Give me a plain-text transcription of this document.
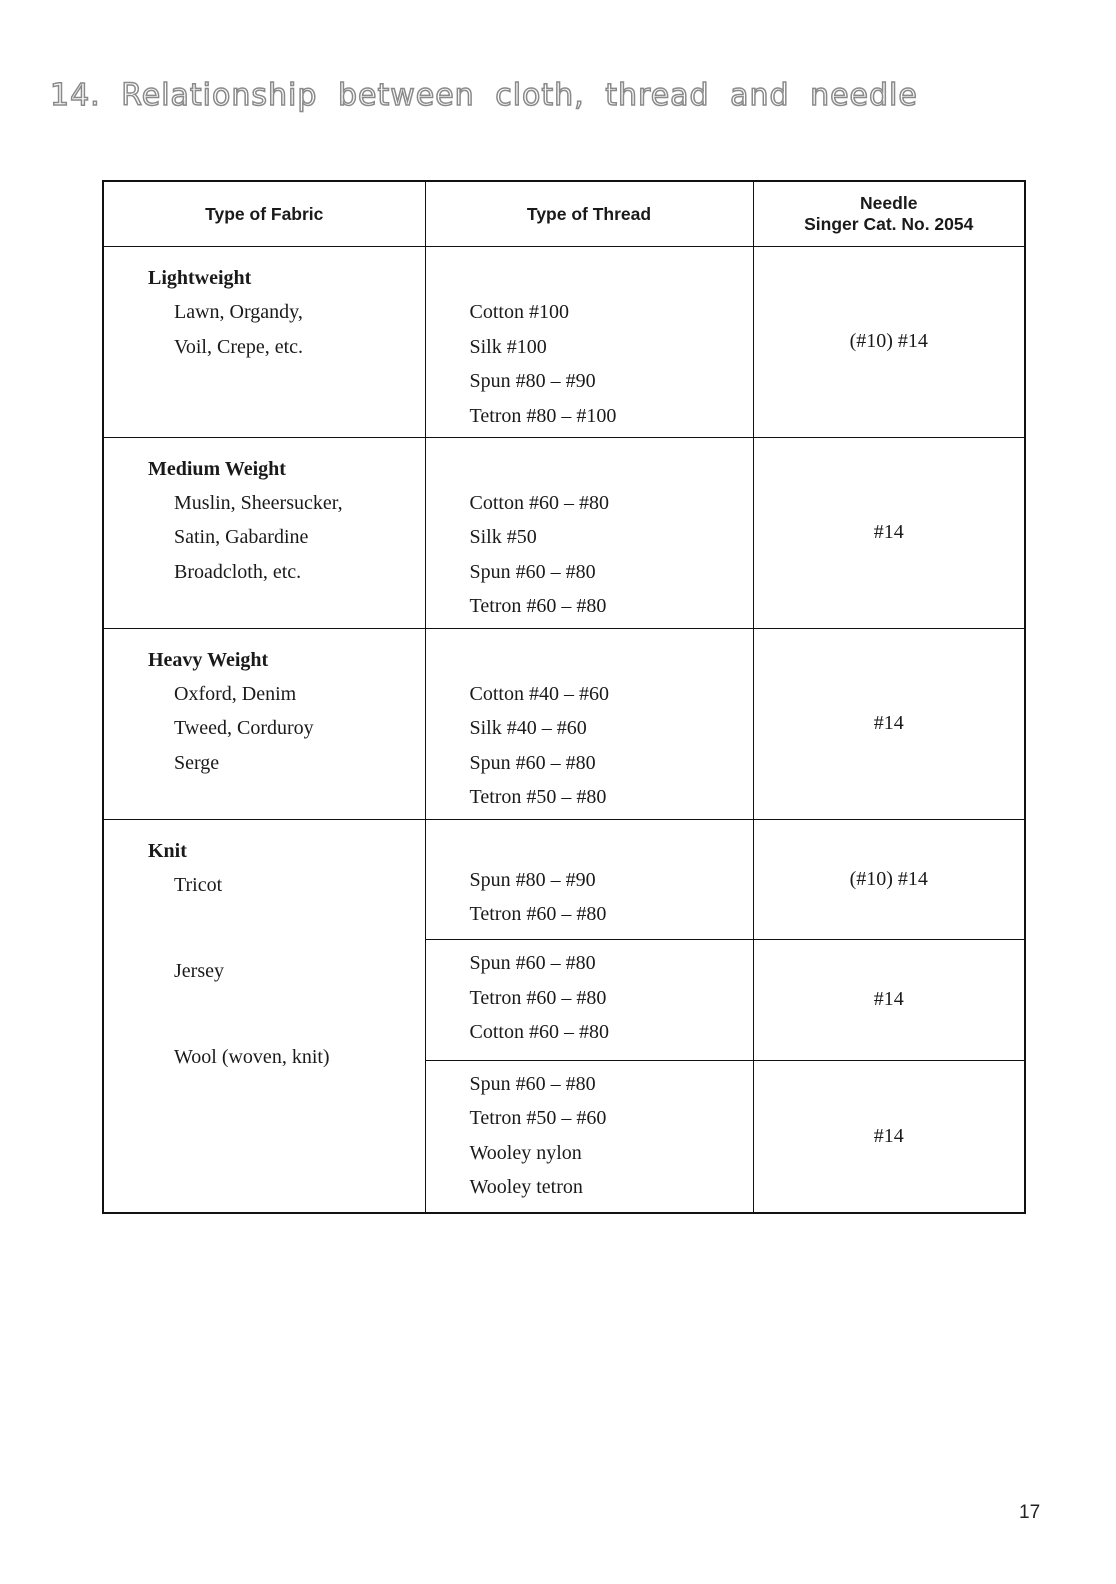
14. Relationship between cloth, thread and needle
Type of Fabric	Type of Thread	Needle
Singer Cat. No. 2054

Lightweight
Lawn, Organdy,
Voil, Crepe, etc.	Cotton #100
Silk #100
Spun #80 – #90
Tetron #80 – #100	(#10) #14

Medium Weight
Muslin, Sheersucker,
Satin, Gabardine
Broadcloth, etc.	Cotton #60 – #80
Silk #50
Spun #60 – #80
Tetron #60 – #80	#14

Heavy Weight
Oxford, Denim
Tweed, Corduroy
Serge	Cotton #40 – #60
Silk #40 – #60
Spun #60 – #80
Tetron #50 – #80	#14

Knit
Tricot
Jersey
Wool (woven, knit)	Spun #80 – #90
Tetron #60 – #80	(#10) #14

	Spun #60 – #80
Tetron #60 – #80
Cotton #60 – #80	#14

	Spun #60 – #80
Tetron #50 – #60
Wooley nylon
Wooley tetron	#14
17
